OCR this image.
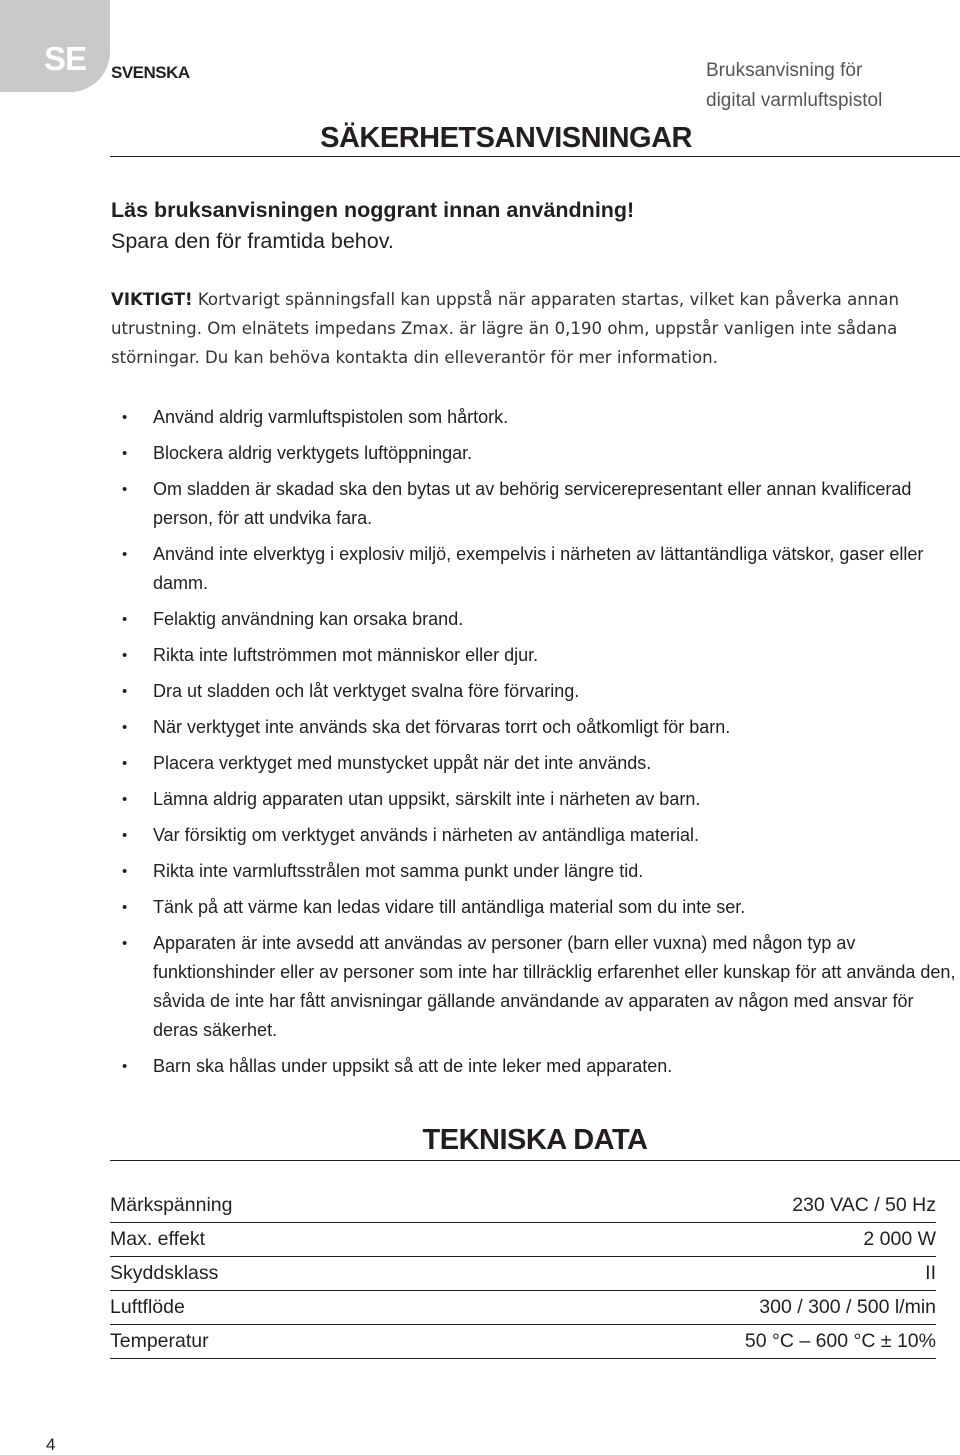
SE SVENSKA	Bruksanvisning för
digital varmluftspistol
SÄKERHETSANVISNINGAR
Läs bruksanvisningen noggrant innan användning!
Spara den för framtida behov.
VIKTIGT! Kortvarigt spänningsfall kan uppstå när apparaten startas, vilket kan påverka annan utrustning. Om elnätets impedans Zmax. är lägre än 0,190 ohm, uppstår vanligen inte sådana störningar. Du kan behöva kontakta din elleverantör för mer information.
• Använd aldrig varmluftspistolen som hårtork.
• Blockera aldrig verktygets luftöppningar.
• Om sladden är skadad ska den bytas ut av behörig servicerepresentant eller annan kvalificerad person, för att undvika fara.
• Använd inte elverktyg i explosiv miljö, exempelvis i närheten av lättantändliga vätskor, gaser eller damm.
• Felaktig användning kan orsaka brand.
• Rikta inte luftströmmen mot människor eller djur.
• Dra ut sladden och låt verktyget svalna före förvaring.
• När verktyget inte används ska det förvaras torrt och oåtkomligt för barn.
• Placera verktyget med munstycket uppåt när det inte används.
• Lämna aldrig apparaten utan uppsikt, särskilt inte i närheten av barn.
• Var försiktig om verktyget används i närheten av antändliga material.
• Rikta inte varmluftsstrålen mot samma punkt under längre tid.
• Tänk på att värme kan ledas vidare till antändliga material som du inte ser.
• Apparaten är inte avsedd att användas av personer (barn eller vuxna) med någon typ av funktionshinder eller av personer som inte har tillräcklig erfarenhet eller kunskap för att använda den, såvida de inte har fått anvisningar gällande användande av apparaten av någon med ansvar för deras säkerhet.
• Barn ska hållas under uppsikt så att de inte leker med apparaten.
TEKNISKA DATA
Märkspänning	230 VAC / 50 Hz
Max. effekt	2 000 W
Skyddsklass	II
Luftflöde	300 / 300 / 500 l/min
Temperatur	50 °C – 600 °C ± 10%
4
